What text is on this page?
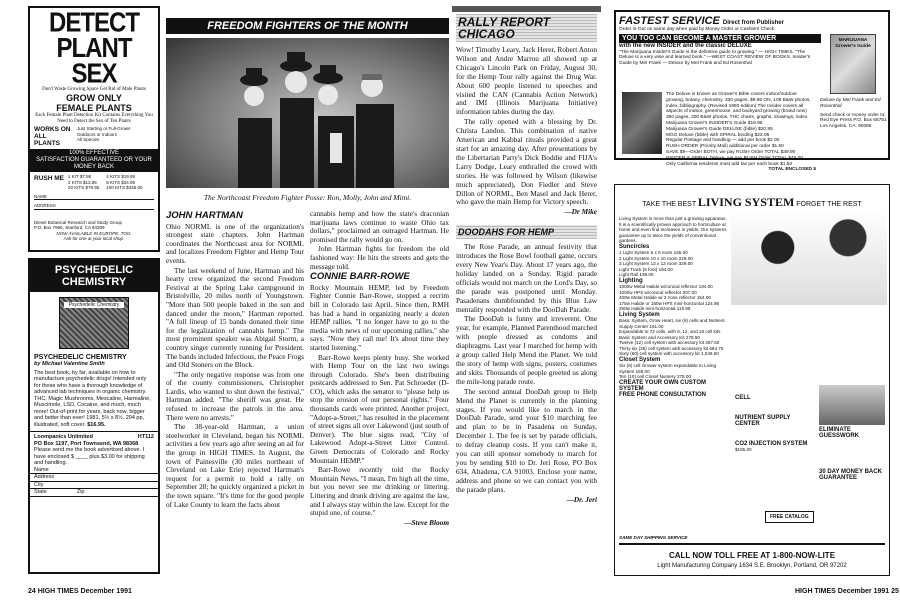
DETECT
PLANT
SEX
Don't Waste Growing Space Get Rid of Male Plants
GROW ONLY
FEMALE PLANTS
Each Female Plant Detection Kit Contains Everything You Need to Detect the Sex of Ten Plants
WORKS ON ALL PLANTS
Just Starting or Full-Grown
Outdoors or Indoors
All Species
100% EFFECTIVE
SATISFACTION GUARANTEED OR YOUR MONEY BACK
RUSH ME 1 KIT $7.95	4 KITS $19.95
2 KITS $13.95	8 KITS $34.95
20 KITS $79.95	100 KITS $345.00
NAME
ADDRESS
Diesel Botanical Research and Study Group
P.O. Box 7966, Stanford, CA 94309
NOW AVAILABLE IN EUROPE, TOO.
Ask for one at your local shop.
PSYCHEDELIC
CHEMISTRY
Psychedelic Chemistry
PSYCHEDELIC CHEMISTRY
by Michael Valentine Smith
The best book, by far, available on how to manufacture psychedelic drugs! Intended only for those who have a thorough knowledge of advanced lab techniques in organic chemistry. THC, Magic Mushrooms, Mescaline, Harmaline, Muscimole, LSD, Cocaine, and much, much more! Out-of-print for years, back now, bigger and better than ever! 1981, 5½ x 8½, 204 pp, illustrated, soft cover. $16.95.
Loompanics Unlimited	HT112
PO Box 1197, Port Townsend, WA 98368
Please send me the book advertised above. I have enclosed $ ____ plus $3.00 for shipping and handling.
Name
Address
City
State	Zip
FREEDOM FIGHTERS OF THE MONTH
The Northcoast Freedom Fighter Posse: Ron, Molly, John and Mimi.
JOHN HARTMAN

Ohio NORML is one of the organization's strongest state chapters. John Hartman coordinates the Northcoast area for NORML and localizes Freedom Fighter and Hemp Tour events.

The last weekend of June, Hartman and his hearty crew organized the second Freedom Festival at the Spring Lake campground in Bristolville, 20 miles north of Youngstown. "More than 500 people baked in the sun and danced under the moon," Hartman reported. "A full lineup of 15 bands donated their time for the legalization of cannabis hemp." The most prominent speaker was Abigail Storm, a country singer currently running for President. The bands included Infectious, the Peace Frogs and Old Stoners on the Block.

"The only negative response was from one of the county commissioners, Christopher Lardis, who wanted to shut down the festival," Hartman added. "The sheriff was great. He refused to increase the patrols in the area. There were no arrests."

The 38-year-old Hartman, a union steelworker in Cleveland, began his NORML activities a few years ago after seeing an ad for the group in HIGH TIMES. In August, the town of Painesville (30 miles northeast of Cleveland on Lake Erie) rejected Hartman's request for a permit to hold a rally on September 28; he quickly organized a picket in the town square. "It's time for the good people of Lake County to learn the facts about

cannabis hemp and how the state's draconian marijuana laws continue to waste Ohio tax dollars," proclaimed an outraged Hartman. He promised the rally would go on.

John Hartman fights for freedom the old fashioned way: He hits the streets and gets the message told.

CONNIE BARR-ROWE

Rocky Mountain HEMP, led by Freedom Fighter Connie Barr-Rowe, stopped a recrim bill in Colorado last April. Since then, RMH has had a hand in organizing nearly a dozen HEMP rallies. "I no longer have to go to the media with news of our upcoming rallies," she says. "Now they call me! It's about time they started listening."

Barr-Rowe keeps plenty busy. She worked with Hemp Tour on the last two swings through Colorado. She's been distributing postcards addressed to Sen. Pat Schroeder (D-CO), which asks the senator to "please help us stop the erosion of our personal rights." Four thousands cards were printed. Another project, "Adopt-a-Street," has resulted in the placement of street signs all over Lakewood (just south of Denver). The blue signs read, "City of Lakewood Adopt-a-Street Litter Control. Green Democrats of Colorado and Rocky Mountain HEMP."

Barr-Rowe recently told the Rocky Mountain News, "I mean, I'm high all the time, but you never see me drinking or littering. Littering and drunk driving are against the law, and I always stay within the law. Except for the stupid one, of course."

—Steve Bloom
RALLY REPORT
CHICAGO

Wow! Timothy Leary, Jack Herer, Robert Anton Wilson and Andre Marrou all showed up at Chicago's Lincoln Park on Friday, August 30, for the Hemp Tour rally against the Drug War. About 600 people listened to speeches and visited the CAN (Cannabis Action Network) and IMI (Illinois Marijuana Initiative) information tables during the day.

The rally opened with a blessing by Dr. Christa Landon. This combination of native American and Kabbal rituals provided a great start for an amazing day. After presentations by the Libertarian Party's Dick Boddie and FIJA's Larry Dodge, Leary enthralled the crowd with stories. He was followed by Wilson (likewise much appreciated), Don Fiedler and Steve Dillon of NORML, Ben Masel and Jack Herer, who gave the main Hemp for Victory speech.

—Dr Mike
DOODAHS FOR HEMP

The Rose Parade, an annual festivity that introduces the Rose Bowl football game, occurs every New Year's Day. About 17 years ago, the holiday landed on a Sunday. Rigid parade officials would not march on the Lord's Day, so the parade was postponed until Monday. Pasadenans dumbfounded by this Blue Law mentality responded with the DooDah Parade.

The DooDah is funny and irreverent. One year, for example, Planned Parenthood marched with people dressed as condoms and diaphragms. Last year I marched for hemp with a group called Help Mend the Planet. We told the story of hemp with signs, posters, costumes and skits. Thousands of people greeted us along the mile-long parade route.

The second annual DooDah group to Help Mend the Planet is currently in the planning stages. If you would like to march in the DooDah Parade, send your $10 marching fee and plan to be in Pasadena on Sunday, December 1. The fee is set by parade officials, to defray cleanup costs. If you can't make it, you can still sponsor somebody to march for you by sending $10 to Dr. Jeri Rose, PO Box 634, Altadena, CA 91003. Enclose your name, address and phone so we can contact you with the parade plans.

—Dr. Jeri
FASTEST SERVICE Direct from Publisher
Order in-Out on same day when paid by Money Order or Cashiers Check
YOU TOO CAN BECOME A MASTER GROWER
with the new INSIDER and the classic DELUXE
"The Marijuana Insider's Guide is the definitive guide to growing." — HIGH TIMES. "The Deluxe is a very wise and learned book." —WEST COAST REVIEW OF BOOKS. Insider's Guide by Mel Frank — Deluxe by Mel Frank and Ed Rosenthal
The Deluxe is known as Grower's Bible covers indoor/outdoor growing, botany, chemistry. 330 pages. $9.95 ON, 108 B&W photos, index, bibliography. (Revised 1990 edition) The Insider covers all aspects of indoor, greenhouse, and backyard growing (brand new) 360 pages, 200 B&W photos, THC charts, graphs, drawings, index.
Marijuana Grower's INSIDER'S Guide $19.95
Marijuana Grower's Guide DELUXE (bible) $20.95
MGG Deluxe (bible) with SPIRAL binding $22.95
Regular Postage and handling — add per book $2.00
RUSH ORDER (Priority Mail) additional per order $1.50
SAVE $9—Order BOTH, we pay RUSH Order TOTAL $39.90
INSIDER & SPIRAL Deluxe, we pay RUSH Order TOTAL $45.00
Only California residents must add tax per each book $1.50
TOTAL ENCLOSED $
MARIJUANA Grower's Guide
Deluxe by Mel Frank and Ed Rosenthal
Send check or money order to: Red Eye Press P.O. Box 65751 Los Angeles, CA. 90065
TAKE THE BEST LIVING SYSTEM FORGET THE REST
Living System is more than just a growing apparatus. It is a scientifically proven approach to horticulture at home and even find increases in yields. Our systems guarantee up to twice the yields of conventional gardens.
Suncircles
1 Light System 6 x 6 room 155.00
2 Light System 10 x 10 room 229.00
3 Light System 12 x 12 room 329.00
Light Track (6 foot) 194.00
Light Rail 139.00
Lighting
1000w Metal Halide w/conical reflector 194.00
1000w HPS w/conical reflector 207.00
400w Metal Halide w/ 2 zone reflector 154.00
175w Halide or 150w HPS mini-horizontal 124.95
250w Halide mini-horizontal 119.95
Living System
Basic System, Grow Heart, six (6) cells and Nutrient Supply Center 161.00
Expandable to 72 cells, with 6, 12, and 18 cell kits
Basic System and Accessory Kit 278.50
Twelve (12) cell system with accessory kit 357.60
Thirty six (36) cell system with accessory kit 694.75
Sixty (60) cell system with accessory kit 1,049.50
Closet System
Six (6) cell Grower system expandable to Living System 159.00
Ten (10) cell Closet Nursery 275.00
CREATE YOUR OWN CUSTOM SYSTEM
FREE PHONE CONSULTATION
CELL
NUTRIENT SUPPLY CENTER
CO2 INJECTION SYSTEM
$155.00
ELIMINATE GUESSWORK
30 DAY MONEY BACK GUARANTEE
SAME DAY SHIPPING SERVICE
FREE CATALOG
CALL NOW TOLL FREE AT 1-800-NOW-LITE
Light Manufacturing Company 1634 S.E. Brooklyn, Portland, OR 97202
24 HIGH TIMES December 1991	HIGH TIMES December 1991 25
